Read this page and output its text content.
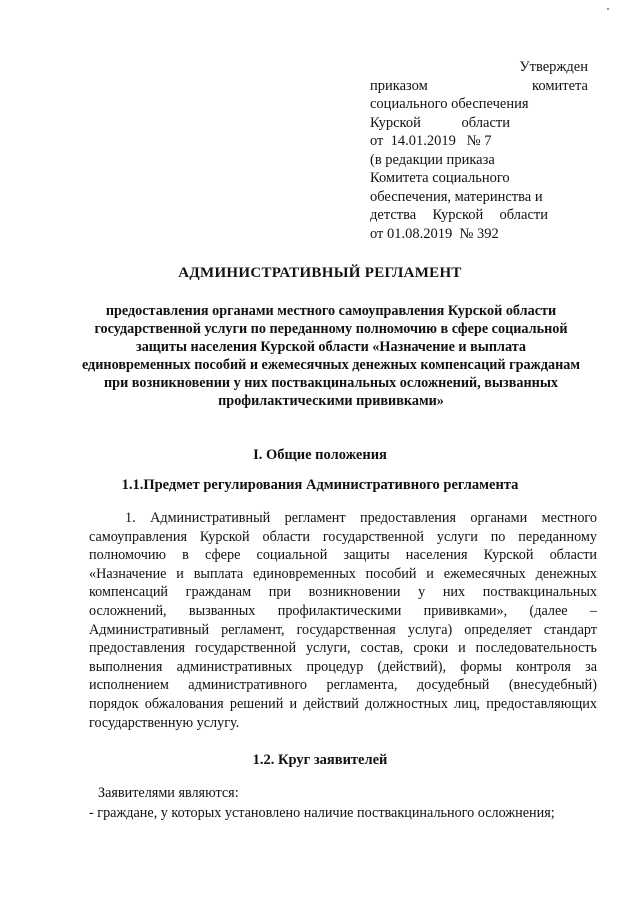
Утвержден
приказом комитета
социального обеспечения
Курской области
от  14.01.2019   № 7
(в редакции приказа
Комитета социального
обеспечения, материнства и
детства Курской области
от 01.08.2019  № 392
АДМИНИСТРАТИВНЫЙ РЕГЛАМЕНТ
предоставления органами местного самоуправления Курской области
государственной услуги по переданному полномочию в сфере социальной
защиты населения Курской области «Назначение и выплата
единовременных пособий и ежемесячных денежных компенсаций гражданам
при возникновении у них поствакцинальных осложнений, вызванных
профилактическими прививками»
I. Общие положения
1.1.Предмет регулирования Административного регламента
1.  Административный  регламент  предоставления  органами  местного
самоуправления Курской области государственной услуги по переданному
полномочию в сфере социальной защиты населения Курской области
«Назначение и выплата единовременных пособий и ежемесячных денежных
компенсаций гражданам при возникновении у них поствакцинальных
осложнений, вызванных профилактическими прививками», (далее –
Административный регламент, государственная услуга) определяет стандарт
предоставления государственной услуги, состав, сроки и последовательность
выполнения административных процедур (действий), формы контроля за
исполнением административного регламента, досудебный (внесудебный)
порядок обжалования решений и действий должностных лиц, предоставляющих
государственную услугу.
1.2. Круг заявителей
Заявителями являются:
- граждане, у которых установлено наличие поствакцинального осложнения;
